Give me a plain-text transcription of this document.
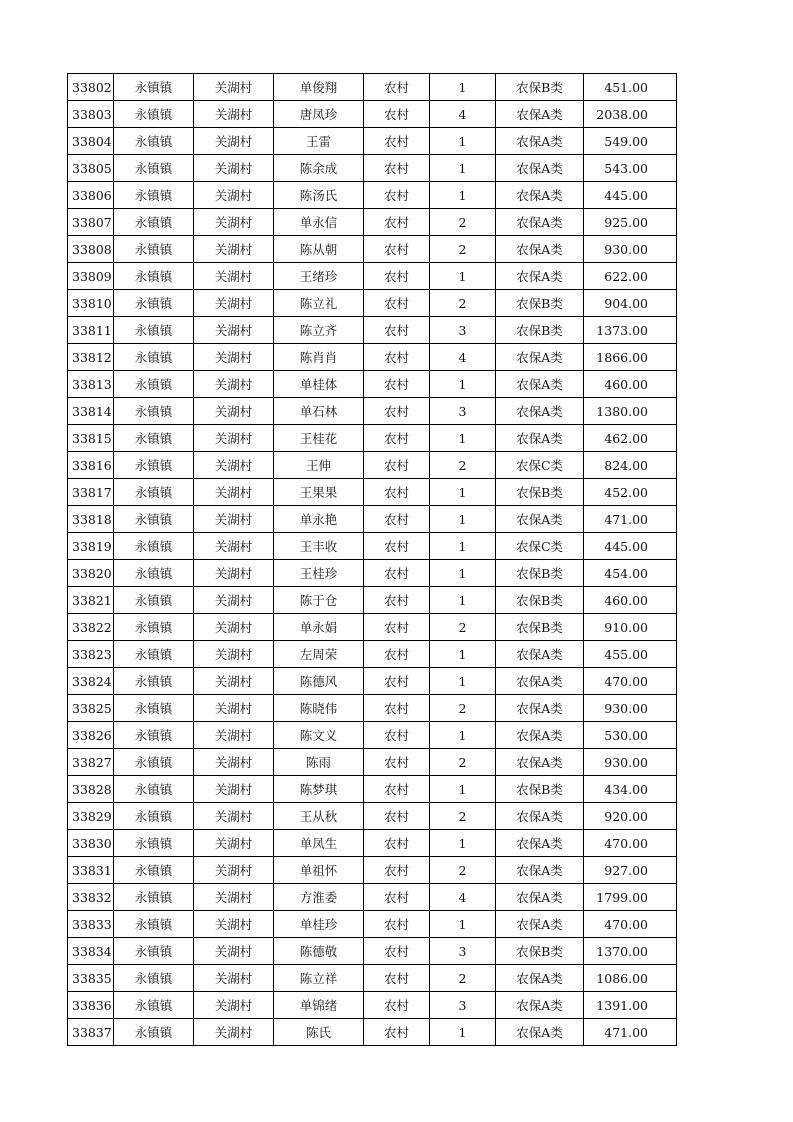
33802	永镇镇	关湖村	单俊翔	农村	1	农保B类	451.00
33803	永镇镇	关湖村	唐凤珍	农村	4	农保A类	2038.00
33804	永镇镇	关湖村	王雷	农村	1	农保A类	549.00
33805	永镇镇	关湖村	陈余成	农村	1	农保A类	543.00
33806	永镇镇	关湖村	陈汤氏	农村	1	农保A类	445.00
33807	永镇镇	关湖村	单永信	农村	2	农保A类	925.00
33808	永镇镇	关湖村	陈从朝	农村	2	农保A类	930.00
33809	永镇镇	关湖村	王绪珍	农村	1	农保A类	622.00
33810	永镇镇	关湖村	陈立礼	农村	2	农保B类	904.00
33811	永镇镇	关湖村	陈立齐	农村	3	农保B类	1373.00
33812	永镇镇	关湖村	陈肖肖	农村	4	农保A类	1866.00
33813	永镇镇	关湖村	单桂体	农村	1	农保A类	460.00
33814	永镇镇	关湖村	单石林	农村	3	农保A类	1380.00
33815	永镇镇	关湖村	王桂花	农村	1	农保A类	462.00
33816	永镇镇	关湖村	王伸	农村	2	农保C类	824.00
33817	永镇镇	关湖村	王果果	农村	1	农保B类	452.00
33818	永镇镇	关湖村	单永艳	农村	1	农保A类	471.00
33819	永镇镇	关湖村	王丰收	农村	1	农保C类	445.00
33820	永镇镇	关湖村	王桂珍	农村	1	农保B类	454.00
33821	永镇镇	关湖村	陈于仓	农村	1	农保B类	460.00
33822	永镇镇	关湖村	单永娟	农村	2	农保B类	910.00
33823	永镇镇	关湖村	左周荣	农村	1	农保A类	455.00
33824	永镇镇	关湖村	陈德风	农村	1	农保A类	470.00
33825	永镇镇	关湖村	陈晓伟	农村	2	农保A类	930.00
33826	永镇镇	关湖村	陈文义	农村	1	农保A类	530.00
33827	永镇镇	关湖村	陈雨	农村	2	农保A类	930.00
33828	永镇镇	关湖村	陈梦琪	农村	1	农保B类	434.00
33829	永镇镇	关湖村	王从秋	农村	2	农保A类	920.00
33830	永镇镇	关湖村	单凤生	农村	1	农保A类	470.00
33831	永镇镇	关湖村	单祖怀	农村	2	农保A类	927.00
33832	永镇镇	关湖村	方淮委	农村	4	农保A类	1799.00
33833	永镇镇	关湖村	单桂珍	农村	1	农保A类	470.00
33834	永镇镇	关湖村	陈德敬	农村	3	农保B类	1370.00
33835	永镇镇	关湖村	陈立祥	农村	2	农保A类	1086.00
33836	永镇镇	关湖村	单锦绪	农村	3	农保A类	1391.00
33837	永镇镇	关湖村	陈氏	农村	1	农保A类	471.00
